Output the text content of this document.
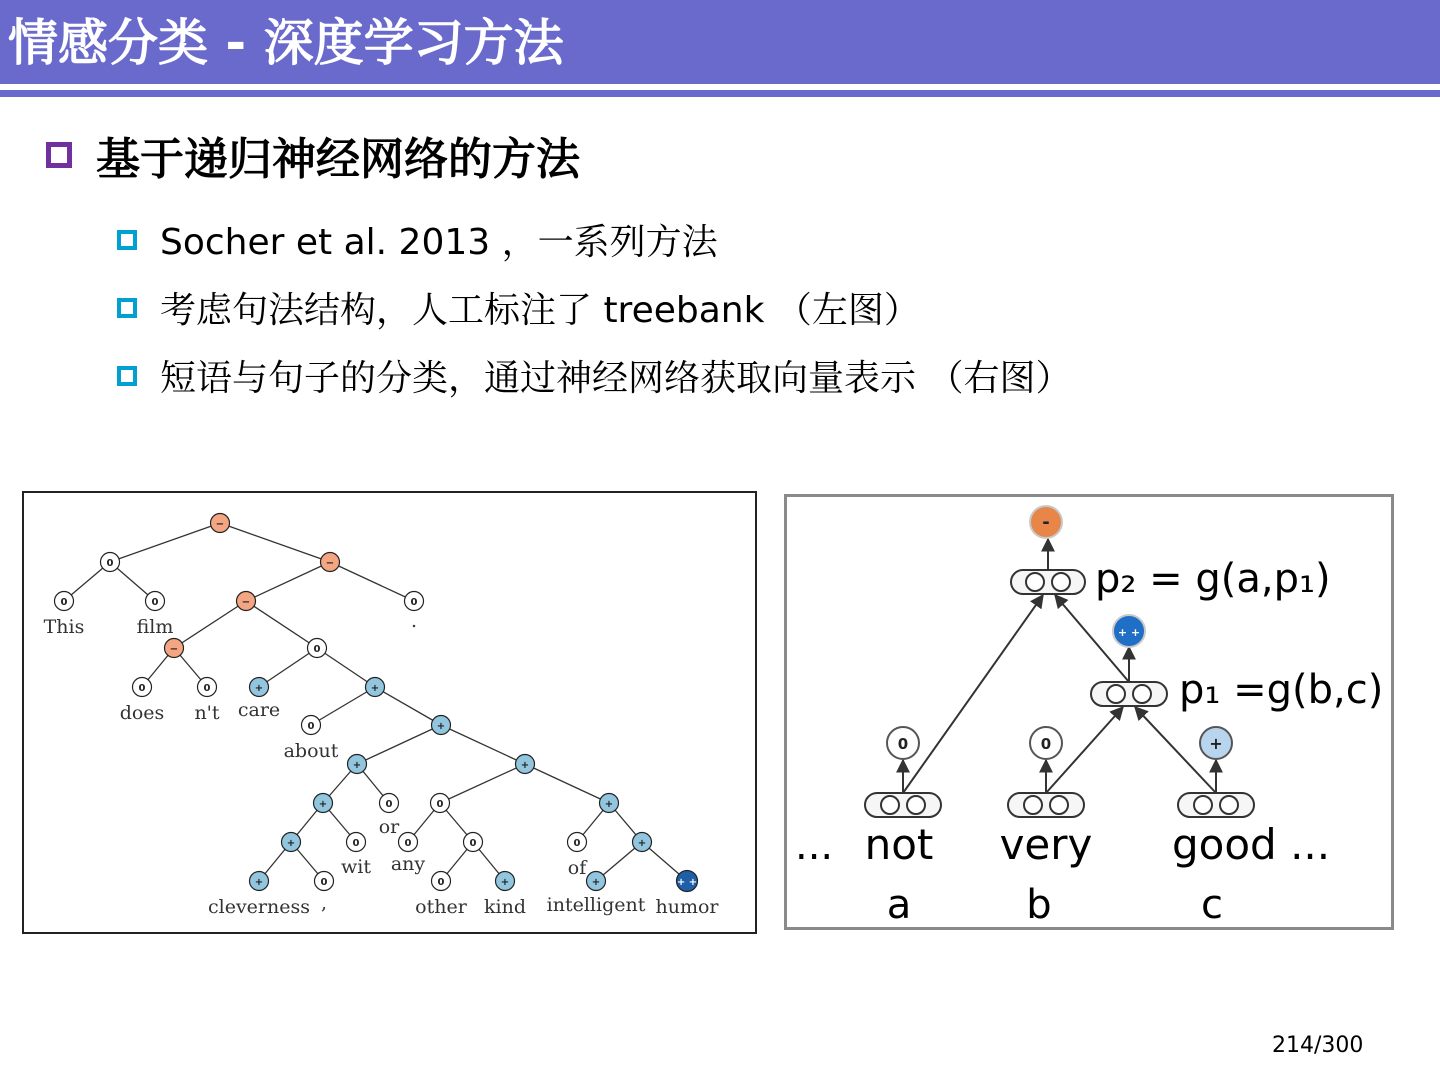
情感分类 - 深度学习方法
基于递归神经网络的方法
Socher et al. 2013 ，一系列方法
考虑句法结构，人工标注了 treebank （左图）
短语与句子的分类，通过神经网络获取向量表示 （右图）
−
0	−
0	0	−	0
−	0
0	0	+	+
0	+
+	+
+	0	0	+
+	0	0	0	0	+
+	0	0	+	+	+ +
This	film	.
does n't care
about
or
wit any	of
cleverness ,	other kind intelligent humor
-
+ +
0	0	+
p₂ = g(a,p₁)
p₁ =g(b,c)
... not very good ...
a	b	c
214/300
